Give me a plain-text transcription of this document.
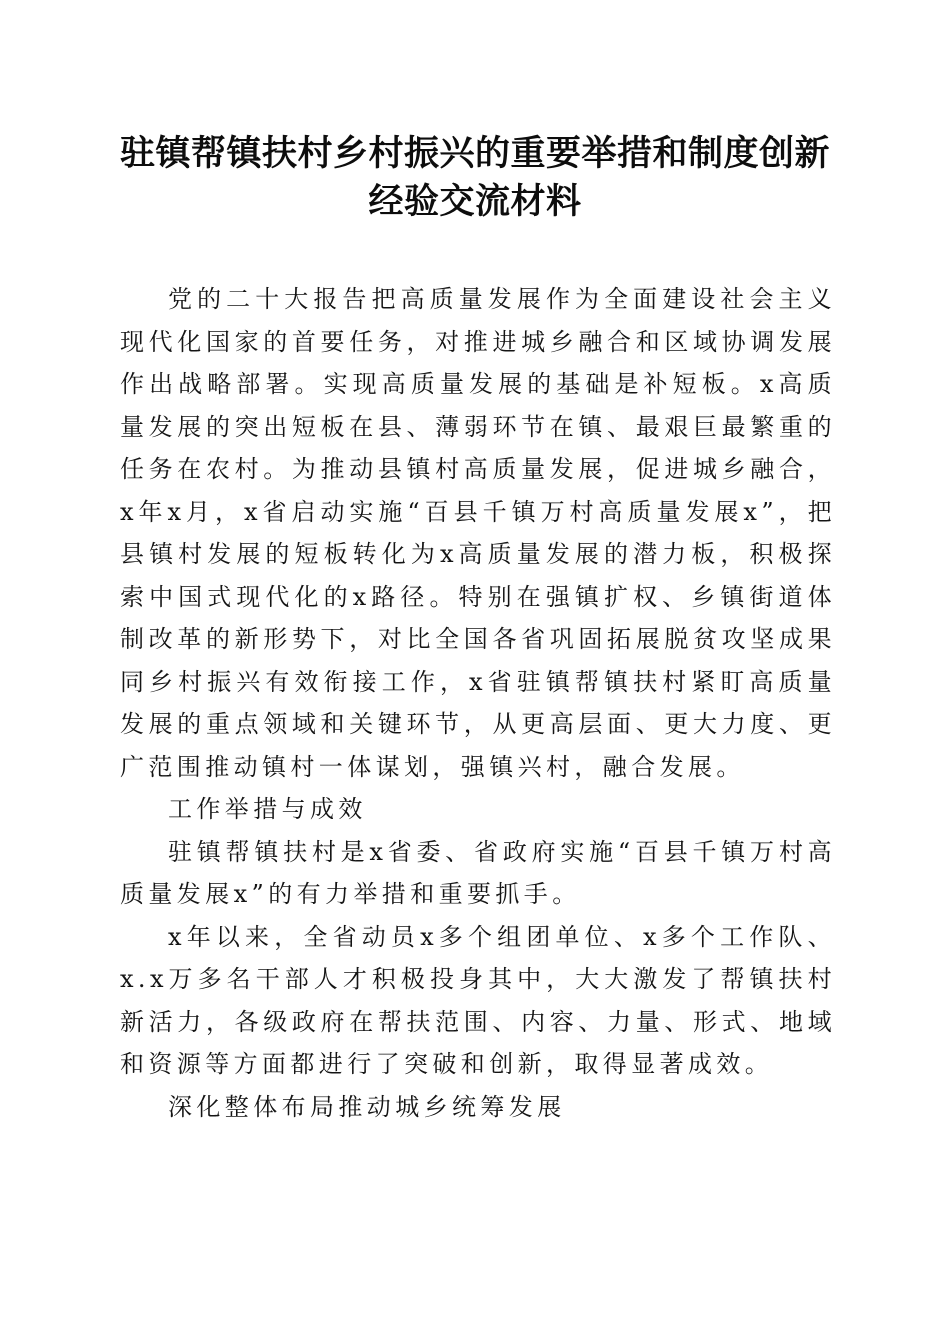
驻镇帮镇扶村乡村振兴的重要举措和制度创新
经验交流材料

党的二十大报告把高质量发展作为全面建设社会主义现代化国家的首要任务，对推进城乡融合和区域协调发展作出战略部署。实现高质量发展的基础是补短板。x高质量发展的突出短板在县、薄弱环节在镇、最艰巨最繁重的任务在农村。为推动县镇村高质量发展，促进城乡融合，x年x月，x省启动实施“百县千镇万村高质量发展x”，把县镇村发展的短板转化为x高质量发展的潜力板，积极探索中国式现代化的x路径。特别在强镇扩权、乡镇街道体制改革的新形势下，对比全国各省巩固拓展脱贫攻坚成果同乡村振兴有效衔接工作，x省驻镇帮镇扶村紧盯高质量发展的重点领域和关键环节，从更高层面、更大力度、更广范围推动镇村一体谋划，强镇兴村，融合发展。

工作举措与成效

驻镇帮镇扶村是x省委、省政府实施“百县千镇万村高质量发展x”的有力举措和重要抓手。

x年以来，全省动员x多个组团单位、x多个工作队、x.x万多名干部人才积极投身其中，大大激发了帮镇扶村新活力，各级政府在帮扶范围、内容、力量、形式、地域和资源等方面都进行了突破和创新，取得显著成效。

深化整体布局推动城乡统筹发展
